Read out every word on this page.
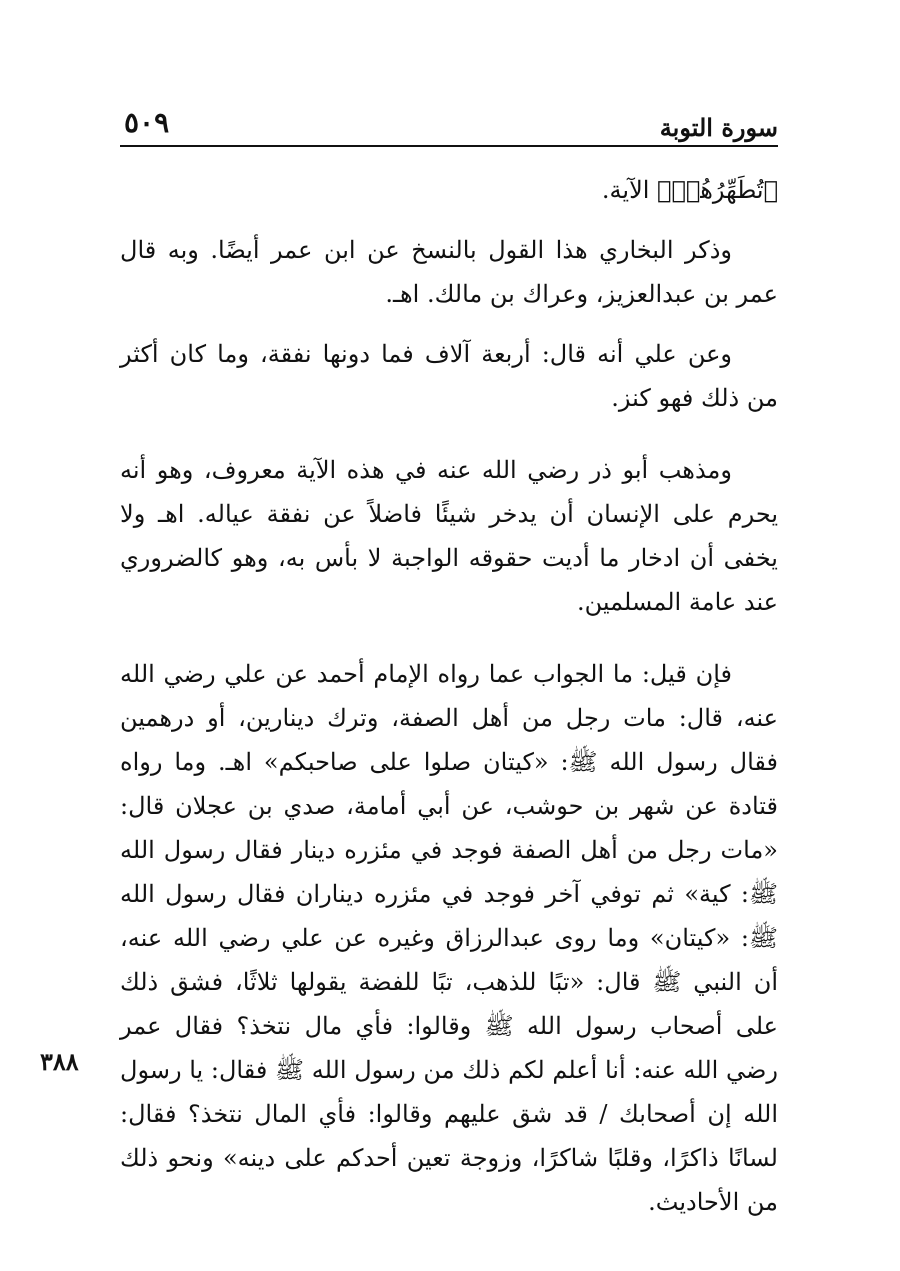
سورة التوبة
٥٠٩

﴿تُطَهِّرُهُمۡ﴾ الآية.

وذكر البخاري هذا القول بالنسخ عن ابن عمر أيضًا. وبه قال عمر بن عبدالعزيز، وعراك بن مالك. اهـ.

وعن علي أنه قال: أربعة آلاف فما دونها نفقة، وما كان أكثر من ذلك فهو كنز.

ومذهب أبو ذر رضي الله عنه في هذه الآية معروف، وهو أنه يحرم على الإنسان أن يدخر شيئًا فاضلاً عن نفقة عياله. اهـ ولا يخفى أن ادخار ما أديت حقوقه الواجبة لا بأس به، وهو كالضروري عند عامة المسلمين.

فإن قيل: ما الجواب عما رواه الإمام أحمد عن علي رضي الله عنه، قال: مات رجل من أهل الصفة، وترك دينارين، أو درهمين فقال رسول الله ﷺ: «كيتان صلوا على صاحبكم» اهـ. وما رواه قتادة عن شهر بن حوشب، عن أبي أمامة، صدي بن عجلان قال: «مات رجل من أهل الصفة فوجد في مئزره دينار فقال رسول الله ﷺ: كية» ثم توفي آخر فوجد في مئزره ديناران فقال رسول الله ﷺ: «كيتان» وما روى عبدالرزاق وغيره عن علي رضي الله عنه، أن النبي ﷺ قال: «تبًا للذهب، تبًا للفضة يقولها ثلاثًا، فشق ذلك على أصحاب رسول الله ﷺ وقالوا: فأي مال نتخذ؟ فقال عمر رضي الله عنه: أنا أعلم لكم ذلك من رسول الله ﷺ فقال: يا رسول الله إن أصحابك / قد شق عليهم وقالوا: فأي المال نتخذ؟ فقال: لسانًا ذاكرًا، وقلبًا شاكرًا، وزوجة تعين أحدكم على دينه» ونحو ذلك من الأحاديث.

٣٨٨
